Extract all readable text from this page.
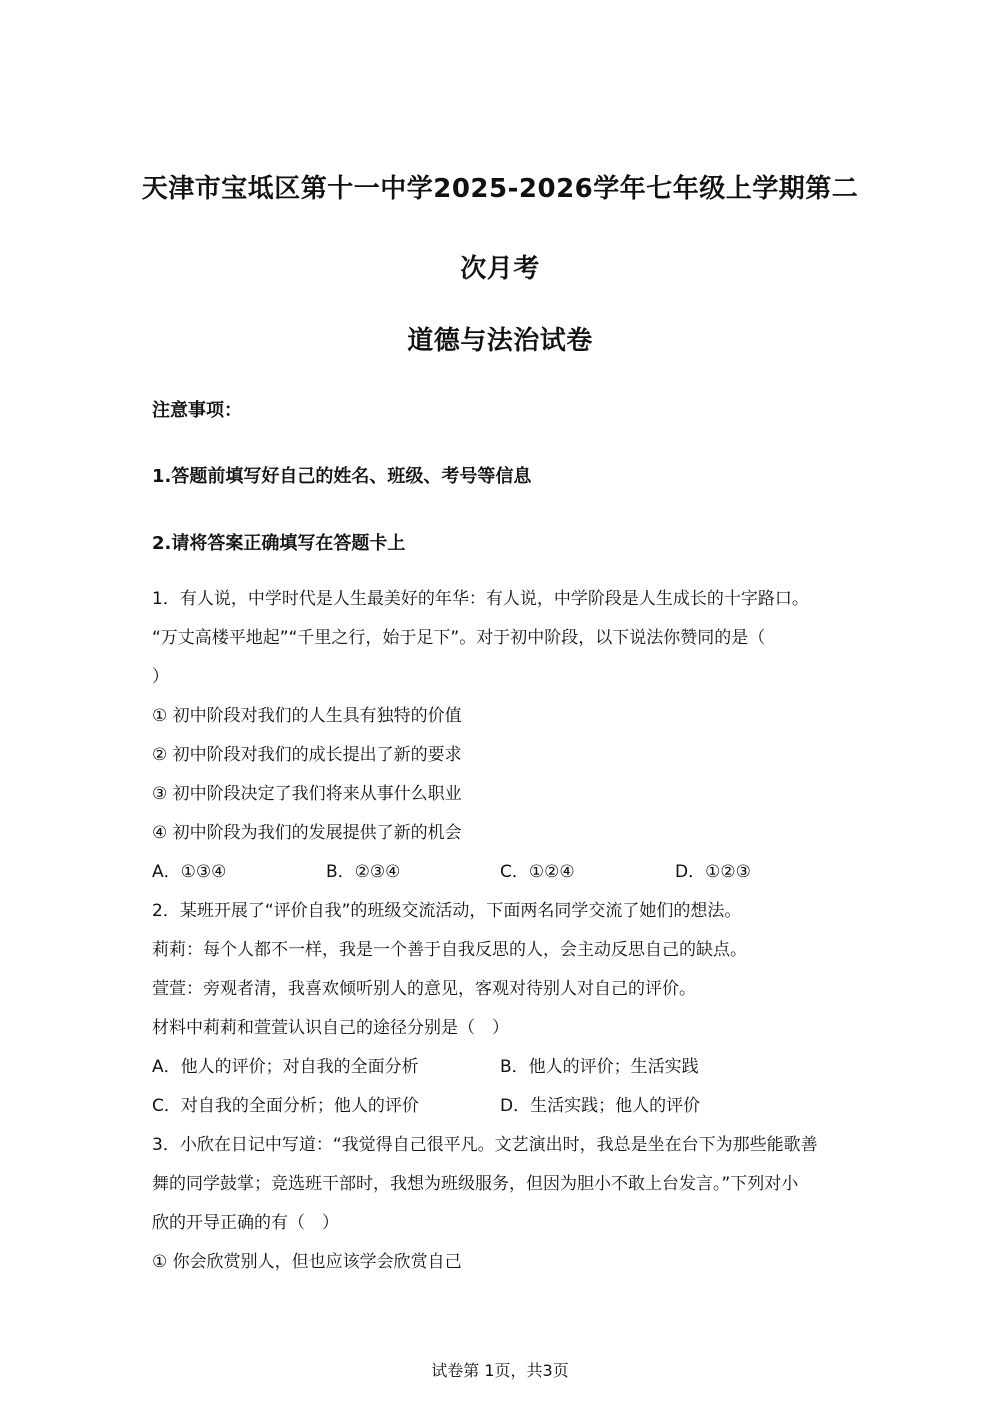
天津市宝坻区第十一中学2025-2026学年七年级上学期第二
次月考
道德与法治试卷
注意事项：
1.答题前填写好自己的姓名、班级、考号等信息
2.请将答案正确填写在答题卡上
1．有人说，中学时代是人生最美好的年华：有人说，中学阶段是人生成长的十字路口。
“万丈高楼平地起”“千里之行，始于足下”。对于初中阶段，以下说法你赞同的是（
）
① 初中阶段对我们的人生具有独特的价值
② 初中阶段对我们的成长提出了新的要求
③ 初中阶段决定了我们将来从事什么职业
④ 初中阶段为我们的发展提供了新的机会
A．①③④	B．②③④	C．①②④	D．①②③
2．某班开展了“评价自我”的班级交流活动，下面两名同学交流了她们的想法。
莉莉：每个人都不一样，我是一个善于自我反思的人，会主动反思自己的缺点。
萱萱：旁观者清，我喜欢倾听别人的意见，客观对待别人对自己的评价。
材料中莉莉和萱萱认识自己的途径分别是（　）
A．他人的评价；对自我的全面分析	B．他人的评价；生活实践
C．对自我的全面分析；他人的评价	D．生活实践；他人的评价
3．小欣在日记中写道：“我觉得自己很平凡。文艺演出时，我总是坐在台下为那些能歌善
舞的同学鼓掌；竞选班干部时，我想为班级服务，但因为胆小不敢上台发言。”下列对小
欣的开导正确的有（　）
① 你会欣赏别人，但也应该学会欣赏自己
试卷第 1页，共3页
